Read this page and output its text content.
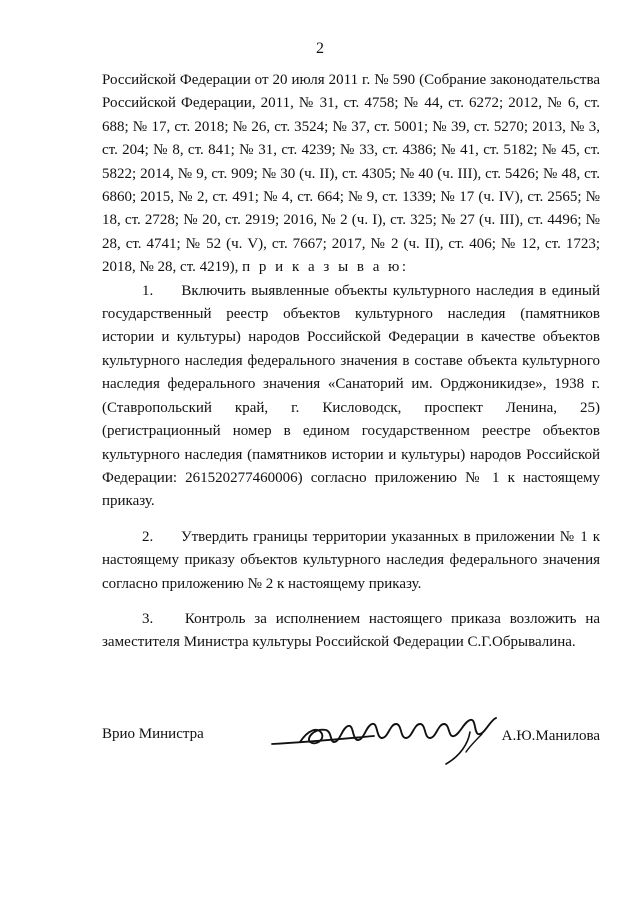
2

Российской Федерации от 20 июля 2011 г. № 590 (Собрание законодательства Российской Федерации, 2011, № 31, ст. 4758; № 44, ст. 6272; 2012, № 6, ст. 688; № 17, ст. 2018; № 26, ст. 3524; № 37, ст. 5001; № 39, ст. 5270; 2013, № 3, ст. 204; № 8, ст. 841; № 31, ст. 4239; № 33, ст. 4386; № 41, ст. 5182; № 45, ст. 5822; 2014, № 9, ст. 909; № 30 (ч. II), ст. 4305; № 40 (ч. III), ст. 5426; № 48, ст. 6860; 2015, № 2, ст. 491; № 4, ст. 664; № 9, ст. 1339; № 17 (ч. IV), ст. 2565; № 18, ст. 2728; № 20, ст. 2919; 2016, № 2 (ч. I), ст. 325; № 27 (ч. III), ст. 4496; № 28, ст. 4741; № 52 (ч. V), ст. 7667; 2017, № 2 (ч. II), ст. 406; № 12, ст. 1723; 2018, № 28, ст. 4219), п р и к а з ы в а ю:

1. Включить выявленные объекты культурного наследия в единый государственный реестр объектов культурного наследия (памятников истории и культуры) народов Российской Федерации в качестве объектов культурного наследия федерального значения в составе объекта культурного наследия федерального значения «Санаторий им. Орджоникидзе», 1938 г. (Ставропольский край, г. Кисловодск, проспект Ленина, 25) (регистрационный номер в едином государственном реестре объектов культурного наследия (памятников истории и культуры) народов Российской Федерации: 261520277460006) согласно приложению № 1 к настоящему приказу.

2. Утвердить границы территории указанных в приложении № 1 к настоящему приказу объектов культурного наследия федерального значения согласно приложению № 2 к настоящему приказу.

3. Контроль за исполнением настоящего приказа возложить на заместителя Министра культуры Российской Федерации С.Г.Обрывалина.

Врио Министра	А.Ю.Манилова
